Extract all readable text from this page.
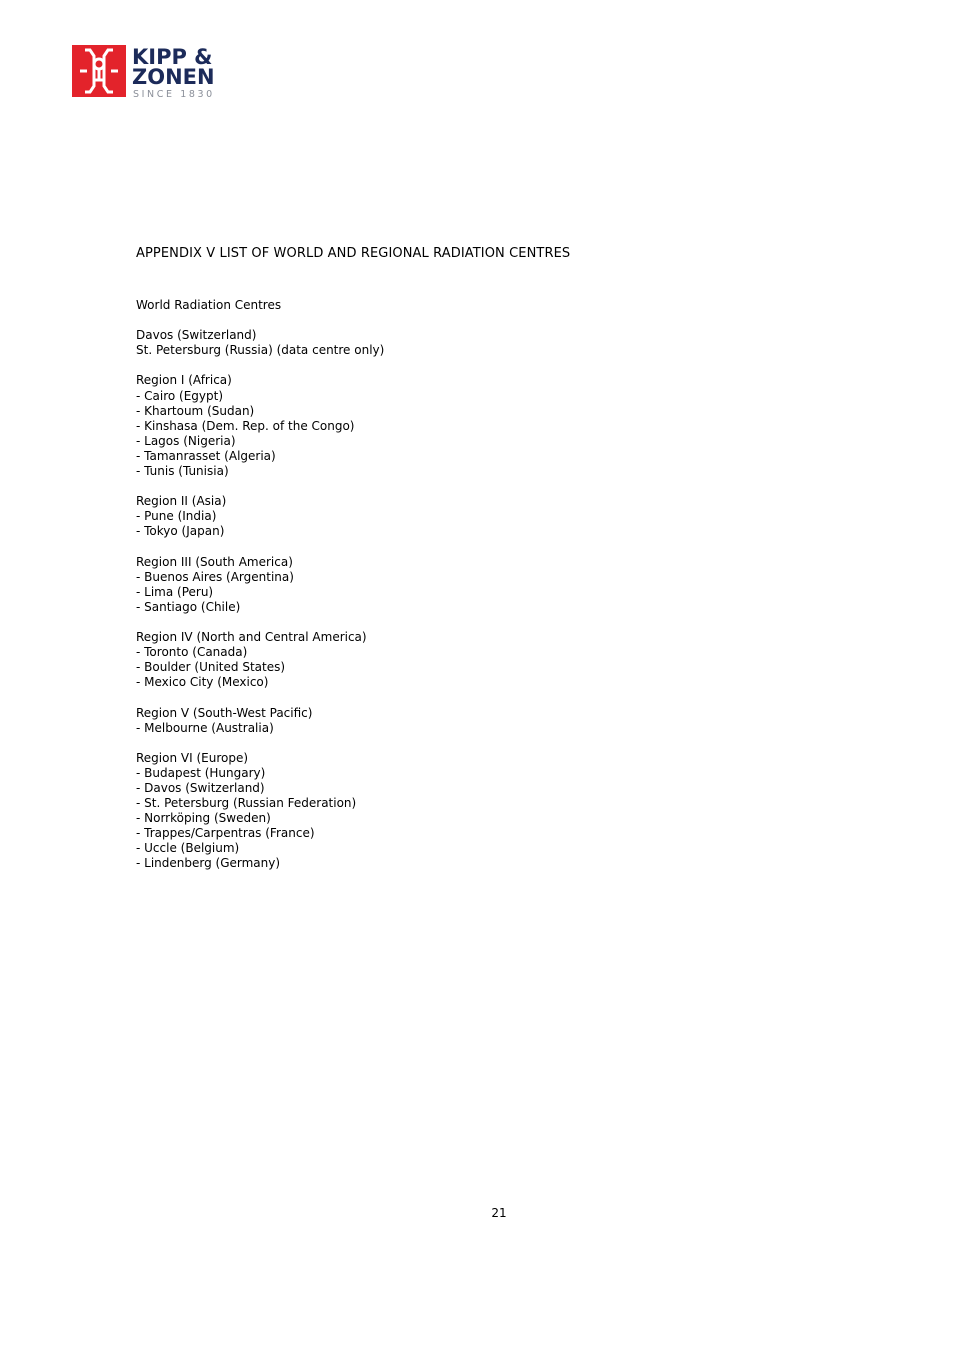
KIPP &
ZONEN
SINCE 1830
APPENDIX V LIST OF WORLD AND REGIONAL RADIATION CENTRES

World Radiation Centres

Davos (Switzerland)
St. Petersburg (Russia) (data centre only)
Region I (Africa)
- Cairo (Egypt)
- Khartoum (Sudan)
- Kinshasa (Dem. Rep. of the Congo)
- Lagos (Nigeria)
- Tamanrasset (Algeria)
- Tunis (Tunisia)
Region II (Asia)
- Pune (India)
- Tokyo (Japan)
Region III (South America)
- Buenos Aires (Argentina)
- Lima (Peru)
- Santiago (Chile)
Region IV (North and Central America)
- Toronto (Canada)
- Boulder (United States)
- Mexico City (Mexico)
Region V (South-West Pacific)
- Melbourne (Australia)
Region VI (Europe)
- Budapest (Hungary)
- Davos (Switzerland)
- St. Petersburg (Russian Federation)
- Norrköping (Sweden)
- Trappes/Carpentras (France)
- Uccle (Belgium)
- Lindenberg (Germany)
21
